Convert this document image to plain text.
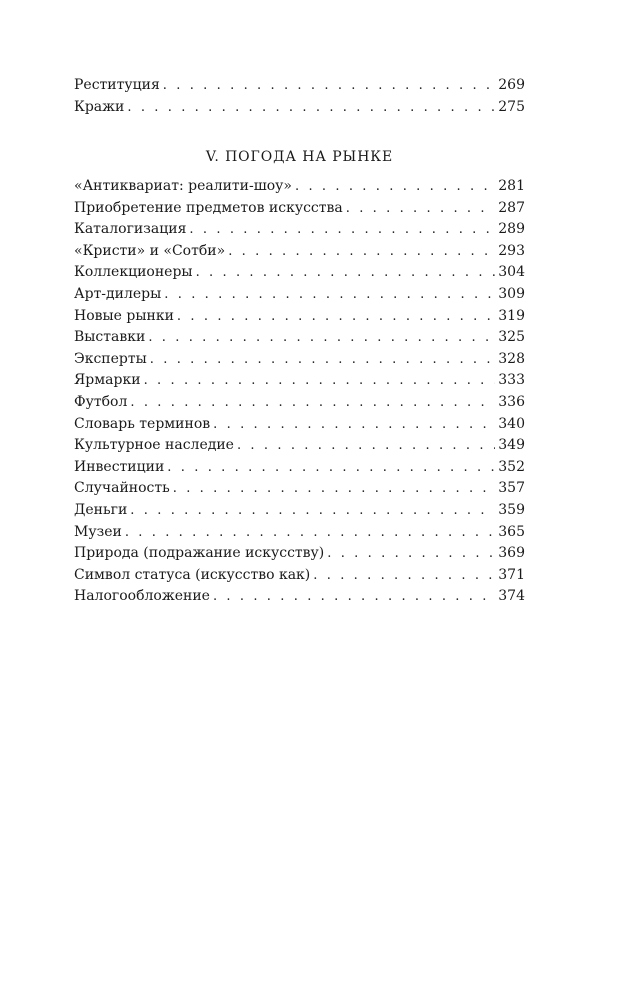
Реституция . . .	269
Кражи . . .	275
V. ПОГОДА НА РЫНКЕ
«Антиквариат: реалити-шоу» . . .	281
Приобретение предметов искусства . . .	287
Каталогизация . . .	289
«Кристи» и «Сотби» . . .	293
Коллекционеры . . .	304
Арт-дилеры . . .	309
Новые рынки . . .	319
Выставки . . .	325
Эксперты . . .	328
Ярмарки . . .	333
Футбол . . .	336
Словарь терминов . . .	340
Культурное наследие . . .	349
Инвестиции . . .	352
Случайность . . .	357
Деньги . . .	359
Музеи . . .	365
Природа (подражание искусству) . . .	369
Символ статуса (искусство как) . . .	371
Налогообложение . . .	374
